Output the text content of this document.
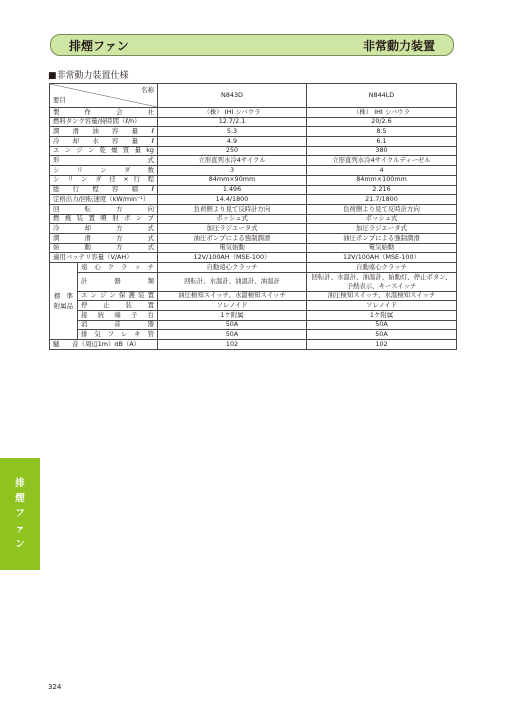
排煙ファン	非常動力装置
■非常動力装置仕様
名称
要目		N843D	N844LD
製　　作　　会　　社		（株） IHI シバウラ	（株） IHI シバウラ
燃料タンク容量/持時間（ℓ/h）		12.7/2.1	20/2.6
潤　滑　油　容　量　ℓ		5.3	8.5
冷　却　水　容　量　ℓ		4.9	6.1
エ ン ジ ン 乾 燥 質 量 kg		250	380
形　　　　　　　　　式		立形直列水冷4サイクル	立形直列水冷4サイクルディーゼル
シ　リ　ン　ダ　数		3	4
シ リ ン ダ 径 × 行 程		84mm×90mm	84mm×100mm
総　行　程　容　積　ℓ		1.496	2.216
定格出力/回転速度（kW/min⁻¹）		14.4/1800	21.7/1800
回　　転　　方　　向		負荷側より見て反時計方向	負荷側より見て反時計方向
燃 焼 装 置 噴 射 ポ ン プ		ボッシュ式	ボッシュ式
冷　　却　　方　　式		加圧ラジエータ式	加圧ラジエータ式
潤　　滑　　方　　式		油圧ポンプによる強制潤滑	油圧ポンプによる強制潤滑
始　　動　　方　　式		電気始動	電気始動
適用バッテリ容量（V/AH）		12V/100AH（MSE-100）	12V/100AH（MSE-100）
標　準 附属品	遠 心 ク ラ ッ チ	自動遠心クラッチ	自動遠心クラッチ
	計　　器　　類	回転計、水温計、油温計、油温計	回転計、水温計、油温計、始動灯、停止ボタン、予熱表示、キースイッチ
	エンジン保護装置	油圧検知スイッチ、水温検知スイッチ	油圧検知スイッチ、水温検知スイッチ
	停　止　装　置	ソレノイド	ソレノイド
	接　続　端　子　台	1ケ附属	1ケ附属
	消　　音　　器	50A	50A
	排 気 フ レ キ 管	50A	50A
騒　　音（周辺1m）dB（A）		102	102
排
煙
フ
ァ
ン
324
